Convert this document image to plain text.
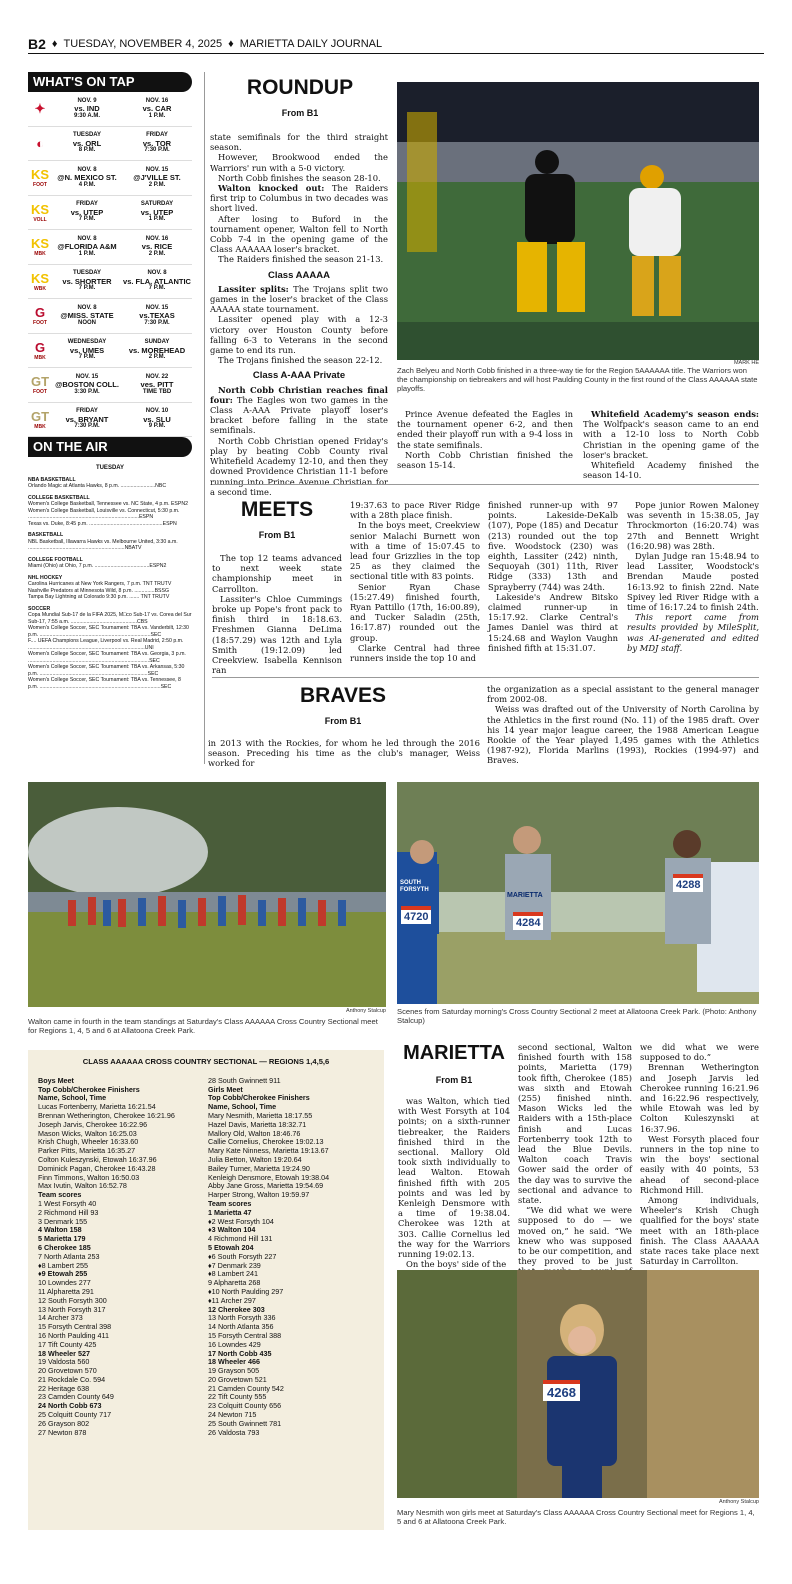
B2 ♦ TUESDAY, NOVEMBER 4, 2025 ♦ MARIETTA DAILY JOURNAL
WHAT'S ON TAP
✦
NOV. 9
vs. IND
9:30 A.M.
NOV. 16
vs. CAR
1 P.M.
◐
TUESDAY
vs. ORL
8 P.M.
FRIDAY
vs. TOR
7:30 P.M.
KS
FOOT
NOV. 8
@N. MEXICO ST.
4 P.M.
NOV. 15
@J'VILLE ST.
2 P.M.
KS
VOLL
FRIDAY
vs. UTEP
7 P.M.
SATURDAY
vs. UTEP
1 P.M.
KS
MBK
NOV. 8
@FLORIDA A&M
1 P.M.
NOV. 16
vs. RICE
2 P.M.
KS
WBK
TUESDAY
vs. SHORTER
7 P.M.
NOV. 8
vs. FLA. ATLANTIC
7 P.M.
G
FOOT
NOV. 8
@MISS. STATE
NOON
NOV. 15
vs.TEXAS
7:30 P.M.
G
MBK
WEDNESDAY
vs. UMES
7 P.M.
SUNDAY
vs. MOREHEAD
2 P.M.
GT
FOOT
NOV. 15
@BOSTON COLL.
3:30 P.M.
NOV. 22
ves. PITT
TIME TBD
GT
MBK
FRIDAY
vs. BRYANT
7:30 P.M.
NOV. 10
vs. SLU
9 P.M.
ON THE AIR
TUESDAY
NBA BASKETBALL
Orlando Magic at Atlanta Hawks, 8 p.m. ........................NBC
COLLEGE BASKETBALL
Women's College Basketball, Tennessee vs. NC State, 4 p.m. ESPN2
Women's College Basketball, Louisville vs. Connecticut, 5:30 p.m. .............................................................................ESPN
Texas vs. Duke, 8:45 p.m. ...................................................ESPN
BASKETBALL
NBL Basketball, Illawarra Hawks vs. Melbourne United, 3:30 a.m. ...................................................................NBATV
COLLEGE FOOTBALL
Miami (Ohio) at Ohio, 7 p.m. ......................................ESPN2
NHL HOCKEY
Carolina Hurricanes at New York Rangers, 7 p.m. TNT TRUTV
Nashville Predators at Minnesota Wild, 8 p.m. ..............BSSG
Tampa Bay Lightning at Colorado 9:30 p.m. ....... TNT TRUTV
SOCCER
Copa Mundial Sub-17 de la FIFA 2025, M□co Sub-17 vs. Corea del Sur Sub-17, 7:55 a.m. ..............................................CBS
Women's College Soccer, SEC Tournament: TBA vs. Vanderbilt, 12:30 p.m. .............................................................................SEC
F.... UEFA Champions League, Liverpool vs. Real Madrid, 2:50 p.m. .................................................................................UNI
Women's College Soccer, SEC Tournament: TBA vs. Georgia, 3 p.m. ....................................................................................SEC
Women's College Soccer, SEC Tournament: TBA vs. Arkansas, 5:30 p.m. ...........................................................................SEC
Women's College Soccer, SEC Tournament: TBA vs. Tennessee, 8 p.m. ....................................................................................SEC
ROUNDUP
From B1

state semifinals for the third straight season.

However, Brookwood ended the Warriors' run with a 5-0 victory.

North Cobb finishes the season 28-10.

Walton knocked out: The Raiders first trip to Columbus in two decades was short lived.

After losing to Buford in the tournament opener, Walton fell to North Cobb 7-4 in the opening game of the Class AAAAAA loser's bracket.

The Raiders finished the season 21-13.

Class AAAAA

Lassiter splits: The Trojans split two games in the loser's bracket of the Class AAAAA state tournament.

Lassiter opened play with a 12-3 victory over Houston County before falling 6-3 to Veterans in the second game to end its run.

The Trojans finished the season 22-12.

Class A-AAA Private

North Cobb Christian reaches final four: The Eagles won two games in the Class A-AAA Private playoff loser's bracket before falling in the state semifinals.

North Cobb Christian opened Friday's play by beating Cobb County rival Whitefield Academy 12-10, and then they downed Providence Christian 11-1 before running into Prince Avenue Christian for a second time.

MARK HE
Zach Belyeu and North Cobb finished in a three-way tie for the Region 5AAAAAA title. The Warriors won the championship on tiebreakers and will host Paulding County in the first round of the Class AAAAAA state playoffs.

Prince Avenue defeated the Eagles in the tournament opener 6-2, and then ended their playoff run with a 9-4 loss in the state semifinals.

North Cobb Christian finished the season 15-14.

Whitefield Academy's season ends: The Wolfpack's season came to an end with a 12-10 loss to North Cobb Christian in the opening game of the loser's bracket.

Whitefield Academy finished the season 14-10.

MEETS
From B1

The top 12 teams advanced to next week state championship meet in Carrollton.

Lassiter's Chloe Cummings broke up Pope's front pack to finish third in 18:18.63. Freshmen Gianna DeLima (18:57.29) was 12th and Lyla Smith (19:12.09) led Creekview. Isabella Kennison ran

19:37.63 to pace River Ridge with a 28th place finish.

In the boys meet, Creekview senior Malachi Burnett won with a time of 15:07.45 to lead four Grizzlies in the top 25 as they claimed the sectional title with 83 points.

Senior Ryan Chase (15:27.49) finished fourth, Ryan Pattillo (17th, 16:00.89), and Tucker Saladin (25th, 16:17.87) rounded out the group.

Clarke Central had three runners inside the top 10 and

finished runner-up with 97 points. Lakeside-DeKalb (107), Pope (185) and Decatur (213) rounded out the top five. Woodstock (230) was eighth, Lassiter (242) ninth, Sequoyah (301) 11th, River Ridge (333) 13th and Sprayberry (744) was 24th.

Lakeside's Andrew Bitsko claimed runner-up in 15:17.92. Clarke Central's James Daniel was third at 15:24.68 and Waylon Vaughn finished fifth at 15:31.07.

Pope junior Rowen Maloney was seventh in 15:38.05, Jay Throckmorton (16:20.74) was 27th and Bennett Wright (16:20.98) was 28th.

Dylan Judge ran 15:48.94 to lead Lassiter, Woodstock's Brendan Maude posted 16:13.92 to finish 22nd. Nate Spivey led River Ridge with a time of 16:17.24 to finish 24th.

This report came from results provided by MileSplit, was AI-generated and edited by MDJ staff.

BRAVES
From B1

in 2013 with the Rockies, for whom he led through the 2016 season. Preceding his time as the club's manager, Weiss worked for

the organization as a special assistant to the general manager from 2002-08.

Weiss was drafted out of the University of North Carolina by the Athletics in the first round (No. 11) of the 1985 draft. Over his 14 year major league career, the 1988 American League Rookie of the Year played 1,495 games with the Athletics (1987-92), Florida Marlins (1993), Rockies (1994-97) and Braves.

Anthony Stalcup
Walton came in fourth in the team standings at Saturday's Class AAAAAA Cross Country Sectional meet for Regions 1, 4, 5 and 6 at Allatoona Creek Park.
SOUTH
FORSYTH
MARIETTA
4720	4284
4288
Scenes from Saturday morning's Cross Country Sectional 2 meet at Allatoona Creek Park. (Photo: Anthony Stalcup)
CLASS AAAAAA CROSS COUNTRY SECTIONAL — REGIONS 1,4,5,6
Boys Meet
Top Cobb/Cherokee Finishers
Name, School, Time
Lucas Fortenberry, Marietta 16:21.54
Brennan Wetherington, Cherokee 16:21.96
Joseph Jarvis, Cherokee 16:22.96
Mason Wicks, Walton 16:25.03
Krish Chugh, Wheeler 16:33.60
Parker Pitts, Marietta 16:35.27
Colton Kuleszynski, Etowah 16:37.96
Dominick Pagan, Cherokee 16:43.28
Finn Timmons, Walton 16:50.03
Max Ivutin, Walton 16:52.78
Team scores
1 West Forsyth 40
2 Richmond Hill 93
3 Denmark 155
4 Walton 158
5 Marietta 179
6 Cherokee 185
7 North Atlanta 253
♦8 Lambert 255
♦9 Etowah 255
10 Lowndes 277
11 Alpharetta 291
12 South Forsyth 300
13 North Forsyth 317
14 Archer 373
15 Forsyth Central 398
16 North Paulding 411
17 Tift County 425
18 Wheeler 527
19 Valdosta 560
20 Grovetown 570
21 Rockdale Co. 594
22 Heritage 638
23 Camden County 649
24 North Cobb 673
25 Colquitt County 717
26 Grayson 802
27 Newton 878
28 South Gwinnett 911
Girls Meet
Top Cobb/Cherokee Finishers
Name, School, Time
Mary Nesmith, Marietta 18:17.55
Hazel Davis, Marietta 18:32.71
Mallory Old, Walton 18:46.76
Callie Cornelius, Cherokee 19:02.13
Mary Kate Ninness, Marietta 19:13.67
Julia Betton, Walton 19:20.64
Bailey Turner, Marietta 19:24.90
Kenleigh Densmore, Etowah 19:38.04
Abby Jane Gross, Marietta 19:54.69
Harper Strong, Walton 19:59.97
Team scores
1 Marietta 47
♦2 West Forsyth 104
♦3 Walton 104
4 Richmond Hill 131
5 Etowah 204
♦6 South Forsyth 227
♦7 Denmark 239
♦8 Lambert 241
9 Alpharetta 268
♦10 North Paulding 297
♦11 Archer 297
12 Cherokee 303
13 North Forsyth 336
14 North Atlanta 356
15 Forsyth Central 388
16 Lowndes 429
17 North Cobb 435
18 Wheeler 466
19 Grayson 505
20 Grovetown 521
21 Camden County 542
22 Tift County 555
23 Colquitt County 656
24 Newton 715
25 South Gwinnett 781
26 Valdosta 793
MARIETTA
From B1

was Walton, which tied with West Forsyth at 104 points; on a sixth-runner tiebreaker, the Raiders finished third in the sectional. Mallory Old took sixth individually to lead Walton. Etowah finished fifth with 205 points and was led by Kenleigh Densmore with a time of 19:38.04. Cherokee was 12th at 303. Callie Cornelius led the way for the Warriors running 19:02.13.

On the boys' side of the

second sectional, Walton finished fourth with 158 points, Marietta (179) took fifth, Cherokee (185) was sixth and Etowah (255) finished ninth. Mason Wicks led the Raiders with a 15th-place finish and Lucas Fortenberry took 12th to lead the Blue Devils. Walton coach Travis Gower said the order of the day was to survive the sectional and advance to state.

“We did what we were supposed to do — we moved on,” he said. “We knew who was supposed to be our competition, and they proved to be just

we did what we were supposed to do.”

Brennan Wetherington and Joseph Jarvis led Cherokee running 16:21.96 and 16:22.96 respectively, while Etowah was led by Colton Kuleszynski at 16:37.96.

West Forsyth placed four runners in the top nine to win the boys' sectional easily with 40 points, 53 ahead of second-place Richmond Hill.

Among individuals, Wheeler's Krish Chugh qualified for the boys' state meet with an 18th-place finish. The Class AAAAAA state races take place next Saturday in Carrollton.

4268
Anthony Stalcup
Mary Nesmith won girls meet at Saturday's Class AAAAAA Cross Country Sectional meet for Regions 1, 4, 5 and 6 at Allatoona Creek Park.
